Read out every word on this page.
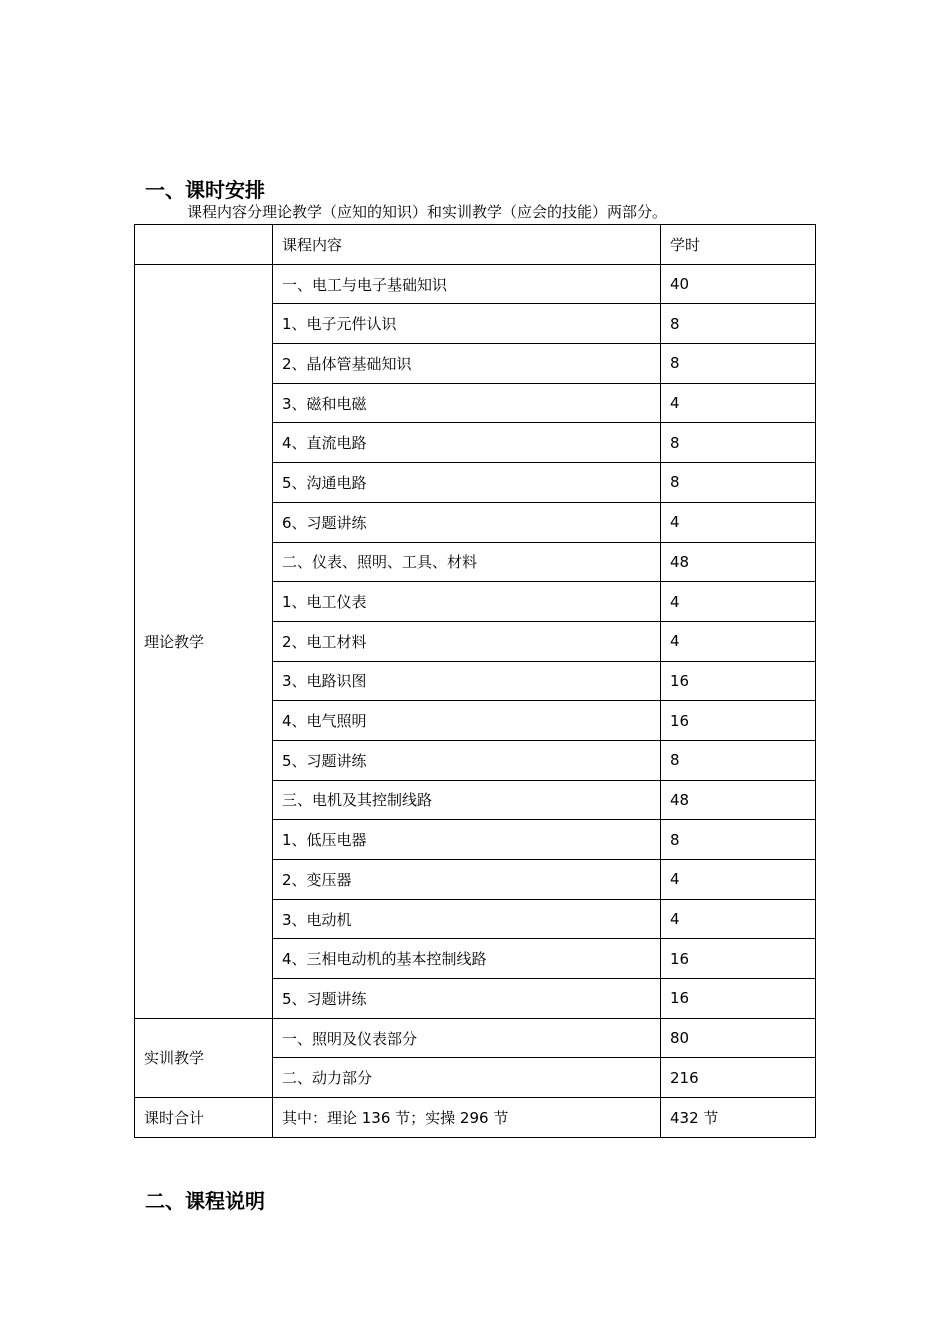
一、课时安排
课程内容分理论教学（应知的知识）和实训教学（应会的技能）两部分。
	课程内容	学时
理论教学	一、电工与电子基础知识	40
	1、电子元件认识	8
	2、晶体管基础知识	8
	3、磁和电磁	4
	4、直流电路	8
	5、沟通电路	8
	6、习题讲练	4
	二、仪表、照明、工具、材料	48
	1、电工仪表	4
	2、电工材料	4
	3、电路识图	16
	4、电气照明	16
	5、习题讲练	8
	三、电机及其控制线路	48
	1、低压电器	8
	2、变压器	4
	3、电动机	4
	4、三相电动机的基本控制线路	16
	5、习题讲练	16
实训教学	一、照明及仪表部分	80
	二、动力部分	216
课时合计	其中：理论 136 节；实操 296 节	432 节
二、课程说明
